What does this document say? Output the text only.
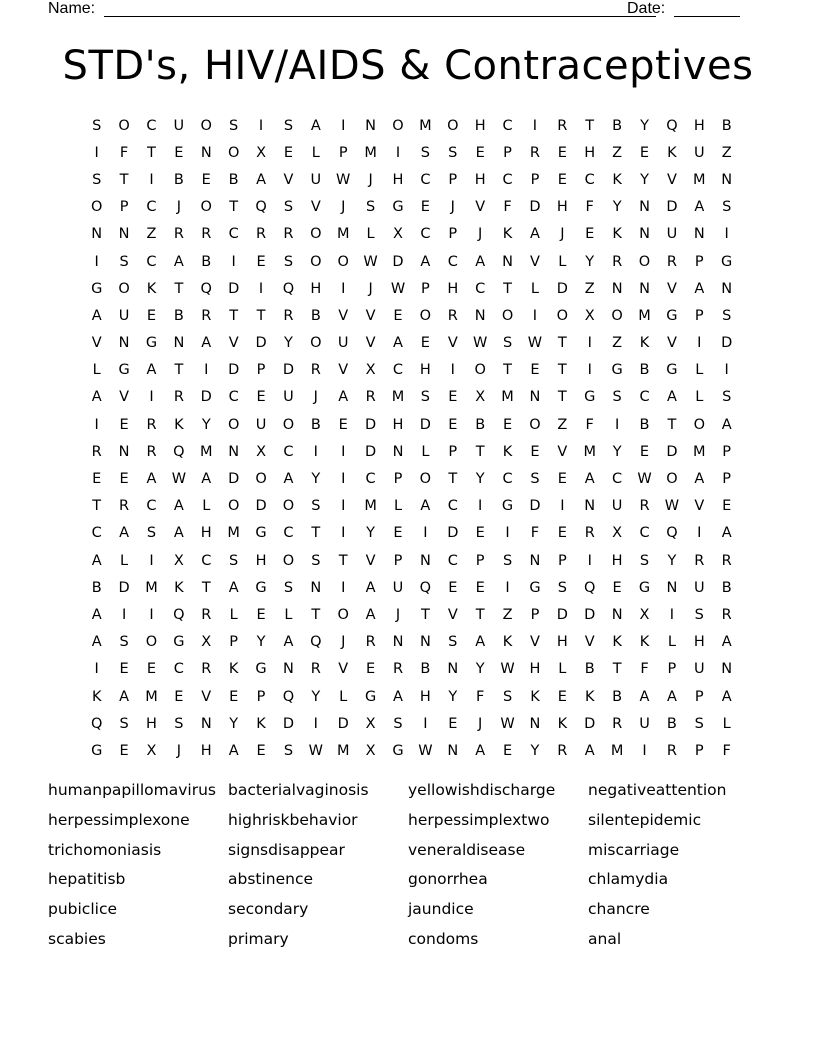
Name:	Date:
STD's, HIV/AIDS & Contraceptives
S	O	C	U	O	S	I	S	A	I	N	O	M	O	H	C	I	R	T	B	Y	Q	H	B
I	F	T	E	N	O	X	E	L	P	M	I	S	S	E	P	R	E	H	Z	E	K	U	Z
S	T	I	B	E	B	A	V	U	W	J	H	C	P	H	C	P	E	C	K	Y	V	M	N
O	P	C	J	O	T	Q	S	V	J	S	G	E	J	V	F	D	H	F	Y	N	D	A	S
N	N	Z	R	R	C	R	R	O	M	L	X	C	P	J	K	A	J	E	K	N	U	N	I
I	S	C	A	B	I	E	S	O	O	W	D	A	C	A	N	V	L	Y	R	O	R	P	G
G	O	K	T	Q	D	I	Q	H	I	J	W	P	H	C	T	L	D	Z	N	N	V	A	N
A	U	E	B	R	T	T	R	B	V	V	E	O	R	N	O	I	O	X	O	M	G	P	S
V	N	G	N	A	V	D	Y	O	U	V	A	E	V	W	S	W	T	I	Z	K	V	I	D
L	G	A	T	I	D	P	D	R	V	X	C	H	I	O	T	E	T	I	G	B	G	L	I
A	V	I	R	D	C	E	U	J	A	R	M	S	E	X	M	N	T	G	S	C	A	L	S
I	E	R	K	Y	O	U	O	B	E	D	H	D	E	B	E	O	Z	F	I	B	T	O	A
R	N	R	Q	M	N	X	C	I	I	D	N	L	P	T	K	E	V	M	Y	E	D	M	P
E	E	A	W	A	D	O	A	Y	I	C	P	O	T	Y	C	S	E	A	C	W	O	A	P
T	R	C	A	L	O	D	O	S	I	M	L	A	C	I	G	D	I	N	U	R	W	V	E
C	A	S	A	H	M	G	C	T	I	Y	E	I	D	E	I	F	E	R	X	C	Q	I	A
A	L	I	X	C	S	H	O	S	T	V	P	N	C	P	S	N	P	I	H	S	Y	R	R
B	D	M	K	T	A	G	S	N	I	A	U	Q	E	E	I	G	S	Q	E	G	N	U	B
A	I	I	Q	R	L	E	L	T	O	A	J	T	V	T	Z	P	D	D	N	X	I	S	R
A	S	O	G	X	P	Y	A	Q	J	R	N	N	S	A	K	V	H	V	K	K	L	H	A
I	E	E	C	R	K	G	N	R	V	E	R	B	N	Y	W	H	L	B	T	F	P	U	N
K	A	M	E	V	E	P	Q	Y	L	G	A	H	Y	F	S	K	E	K	B	A	A	P	A
Q	S	H	S	N	Y	K	D	I	D	X	S	I	E	J	W	N	K	D	R	U	B	S	L
G	E	X	J	H	A	E	S	W M	X	G	W	N	A	E	Y	R	A	M	I	R	P	F
humanpapillomavirus bacterialvaginosis	yellowishdischarge	negativeattention
herpessimplexone	highriskbehavior	herpessimplextwo	silentepidemic
trichomoniasis	signsdisappear	veneraldisease	miscarriage
hepatitisb	abstinence	gonorrhea	chlamydia
pubiclice	secondary	jaundice	chancre
scabies	primary	condoms	anal
